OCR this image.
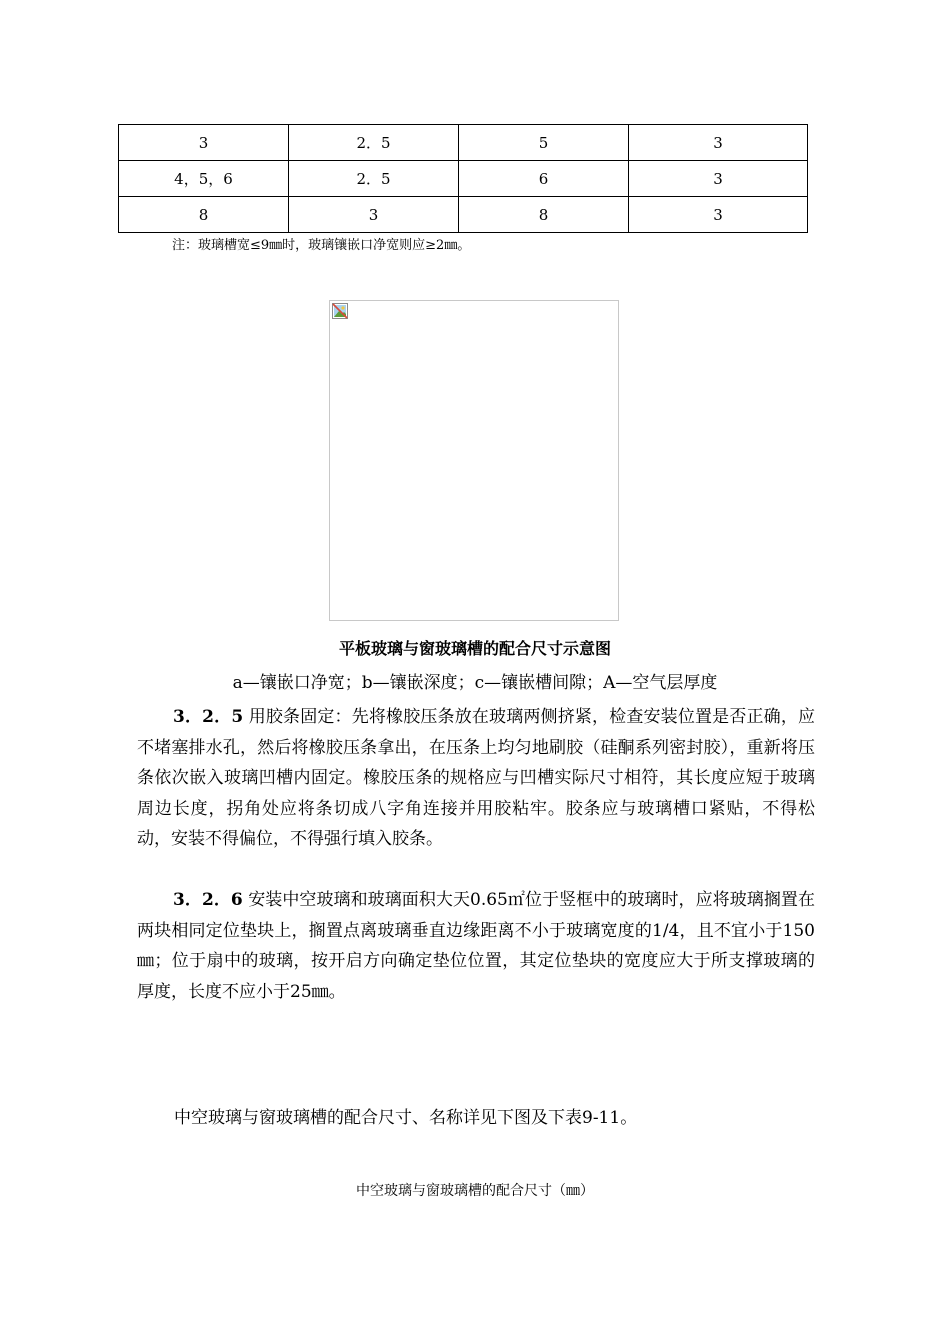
3	2．5	5	3
4，5，6	2．5	6	3
8	3	8	3
注：玻璃槽宽≤9㎜时，玻璃镶嵌口净宽则应≥2㎜。
平板玻璃与窗玻璃槽的配合尺寸示意图
a—镶嵌口净宽；b—镶嵌深度；c—镶嵌槽间隙；A—空气层厚度

3．2．5 用胶条固定：先将橡胶压条放在玻璃两侧挤紧，检查安装位置是否正确，应不堵塞排水孔，然后将橡胶压条拿出，在压条上均匀地刷胶（硅酮系列密封胶），重新将压条依次嵌入玻璃凹槽内固定。橡胶压条的规格应与凹槽实际尺寸相符，其长度应短于玻璃周边长度，拐角处应将条切成八字角连接并用胶粘牢。胶条应与玻璃槽口紧贴，不得松动，安装不得偏位，不得强行填入胶条。

3．2．6 安装中空玻璃和玻璃面积大天0.65㎡位于竖框中的玻璃时，应将玻璃搁置在两块相同定位垫块上，搁置点离玻璃垂直边缘距离不小于玻璃宽度的1/4，且不宜小于150㎜；位于扇中的玻璃，按开启方向确定垫位位置，其定位垫块的宽度应大于所支撑玻璃的厚度，长度不应小于25㎜。

中空玻璃与窗玻璃槽的配合尺寸、名称详见下图及下表9-11。
中空玻璃与窗玻璃槽的配合尺寸（㎜）
